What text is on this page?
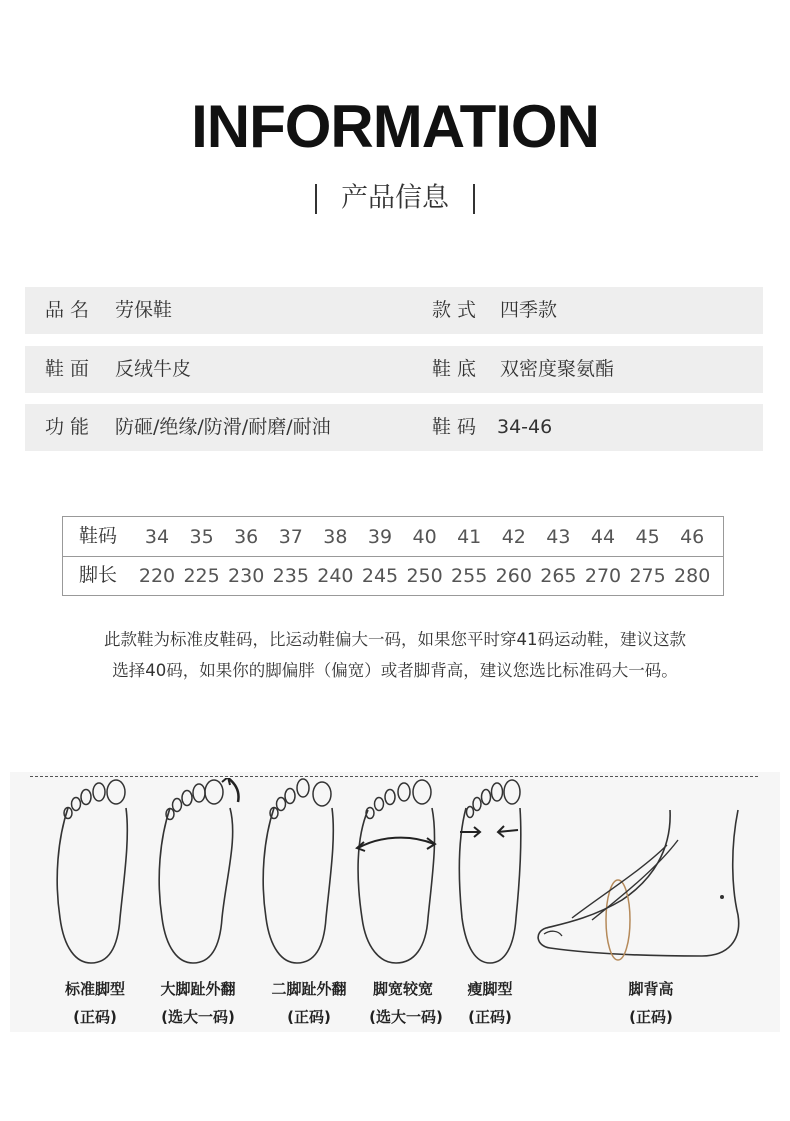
INFORMATION
产品信息
品 名 劳保鞋	款 式 四季款
鞋 面 反绒牛皮	鞋 底 双密度聚氨酯
功 能 防砸/绝缘/防滑/耐磨/耐油	鞋 码 34-46
鞋码	34	35	36	37	38	39	40	41	42	43	44	45	46
脚长	220 225 230 235 240 245 250 255 260 265 270 275 280
此款鞋为标准皮鞋码，比运动鞋偏大一码，如果您平时穿41码运动鞋，建议这款
选择40码，如果你的脚偏胖（偏宽）或者脚背高，建议您选比标准码大一码。
标准脚型
(正码)
大脚趾外翻
(选大一码)
二脚趾外翻
(正码)
脚宽较宽
(选大一码)
瘦脚型
(正码)
脚背高
(正码)
